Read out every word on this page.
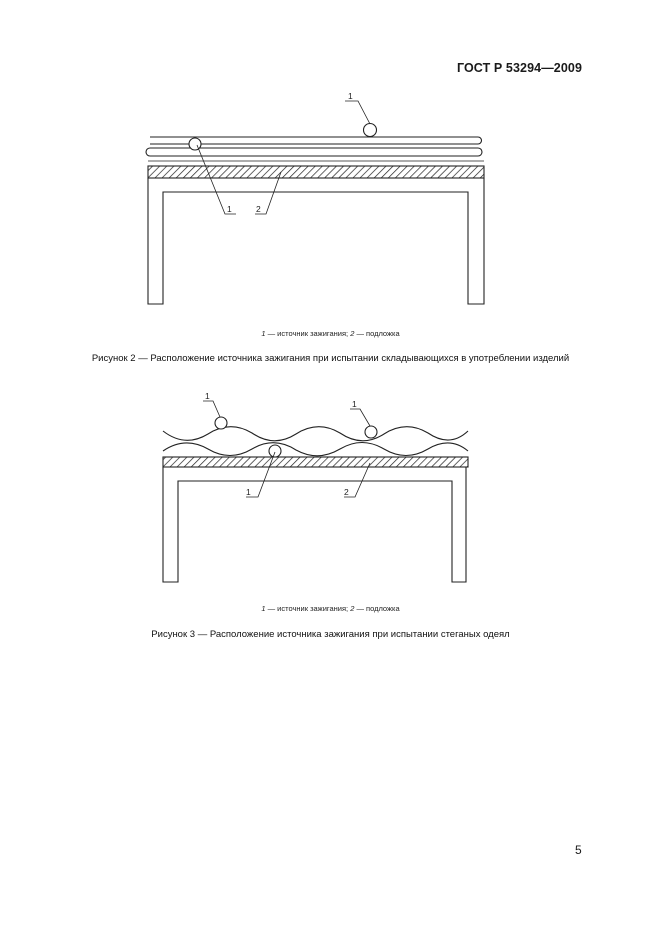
ГОСТ Р 53294—2009
1
1	2
1 — источник зажигания; 2 — подложка
Рисунок 2 — Расположение источника зажигания при испытании складывающихся в употреблении изделий
1
1
1	2
1 — источник зажигания; 2 — подложка
Рисунок 3 — Расположение источника зажигания при испытании стеганых одеял
5
